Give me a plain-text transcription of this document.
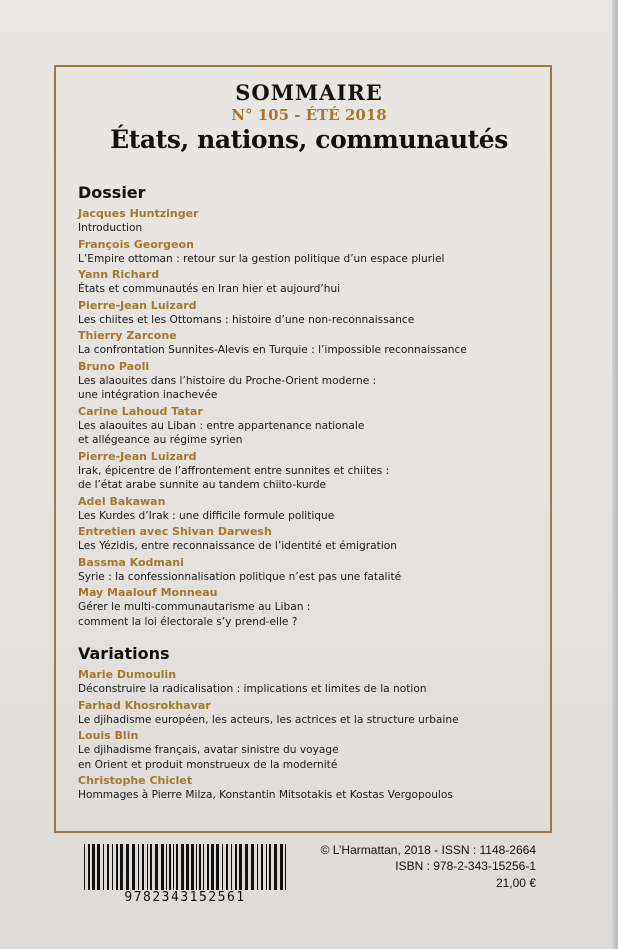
SOMMAIRE
N° 105 - ÉTÉ 2018
États, nations, communautés
Dossier
Jacques Huntzinger
Introduction
François Georgeon
L’Empire ottoman : retour sur la gestion politique d’un espace pluriel
Yann Richard
États et communautés en Iran hier et aujourd’hui
Pierre-Jean Luizard
Les chiites et les Ottomans : histoire d’une non-reconnaissance
Thierry Zarcone
La confrontation Sunnites-Alevis en Turquie : l’impossible reconnaissance
Bruno Paoli
Les alaouites dans l’histoire du Proche-Orient moderne :
une intégration inachevée
Carine Lahoud Tatar
Les alaouites au Liban : entre appartenance nationale
et allégeance au régime syrien
Pierre-Jean Luizard
Irak, épicentre de l’affrontement entre sunnites et chiites :
de l’état arabe sunnite au tandem chiito-kurde
Adel Bakawan
Les Kurdes d’Irak : une difficile formule politique
Entretien avec Shivan Darwesh
Les Yézidis, entre reconnaissance de l’identité et émigration
Bassma Kodmani
Syrie : la confessionnalisation politique n’est pas une fatalité
May Maalouf Monneau
Gérer le multi-communautarisme au Liban :
comment la loi électorale s’y prend-elle ?
Variations
Marie Dumoulin
Déconstruire la radicalisation : implications et limites de la notion
Farhad Khosrokhavar
Le djihadisme européen, les acteurs, les actrices et la structure urbaine
Louis Blin
Le djihadisme français, avatar sinistre du voyage
en Orient et produit monstrueux de la modernité
Christophe Chiclet
Hommages à Pierre Milza, Konstantin Mitsotakis et Kostas Vergopoulos
9782343152561
© L’Harmattan, 2018 - ISSN : 1148-2664
ISBN : 978-2-343-15256-1
21,00 €
